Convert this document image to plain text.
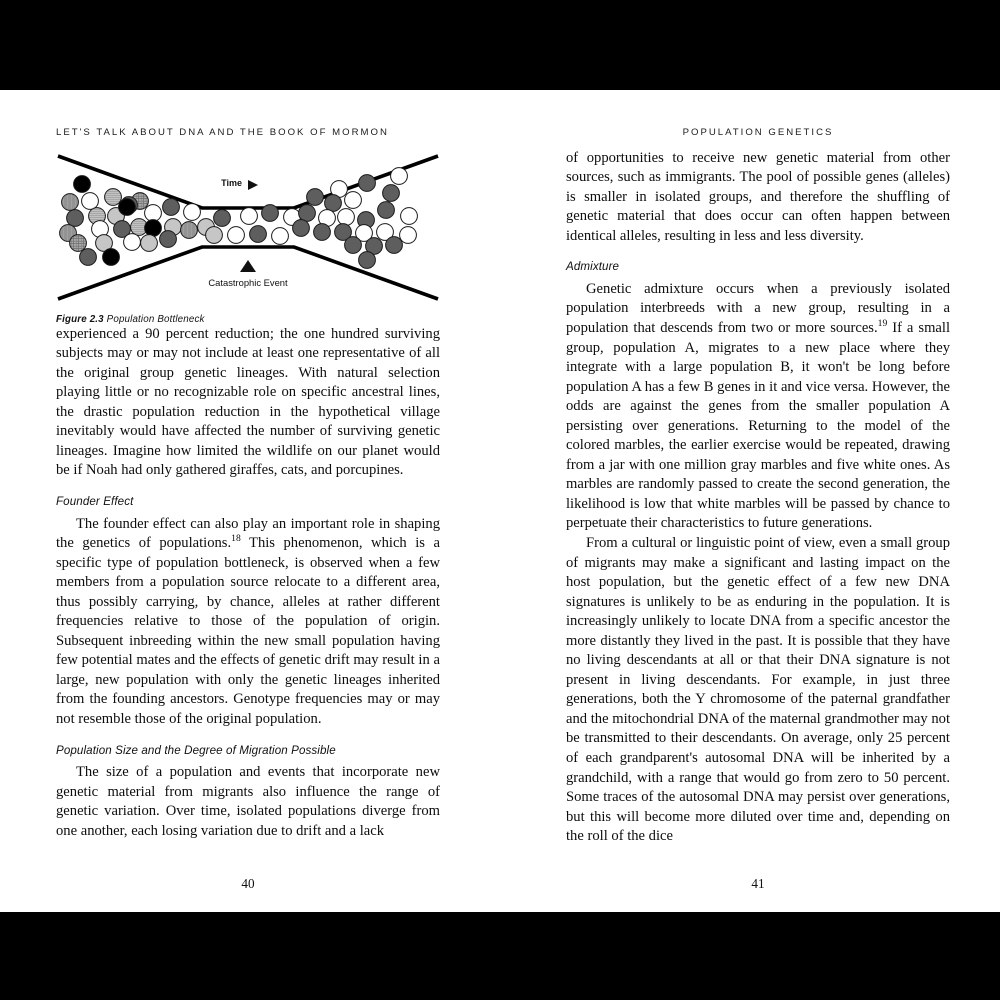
LET'S TALK ABOUT DNA AND THE BOOK OF MORMON
Time
Catastrophic Event
Figure 2.3 Population Bottleneck

experienced a 90 percent reduction; the one hundred surviving subjects may or may not include at least one representative of all the original group genetic lineages. With natural selection playing little or no recognizable role on specific ancestral lines, the drastic population reduction in the hypothetical village inevitably would have affected the number of surviving genetic lineages. Imagine how limited the wildlife on our planet would be if Noah had only gathered giraffes, cats, and porcupines.

Founder Effect

The founder effect can also play an important role in shaping the genetics of populations.$^{18}$ This phenomenon, which is a specific type of population bottleneck, is observed when a few members from a population source relocate to a different area, thus possibly carrying, by chance, alleles at rather different frequencies relative to those of the population of origin. Subsequent inbreeding within the new small population having few potential mates and the effects of genetic drift may result in a large, new population with only the genetic lineages inherited from the founding ancestors. Genotype frequencies may or may not resemble those of the original population.

Population Size and the Degree of Migration Possible

The size of a population and events that incorporate new genetic material from migrants also influence the range of genetic variation. Over time, isolated populations diverge from one another, each losing variation due to drift and a lack

POPULATION GENETICS

of opportunities to receive new genetic material from other sources, such as immigrants. The pool of possible genes (alleles) is smaller in isolated groups, and therefore the shuffling of genetic material that does occur can often happen between identical alleles, resulting in less and less diversity.

Admixture

Genetic admixture occurs when a previously isolated population interbreeds with a new group, resulting in a population that descends from two or more sources.$^{19}$ If a small group, population A, migrates to a new place where they integrate with a large population B, it won't be long before population A has a few B genes in it and vice versa. However, the odds are against the genes from the smaller population A persisting over generations. Returning to the model of the colored marbles, the earlier exercise would be repeated, drawing from a jar with one million gray marbles and five white ones. As marbles are randomly passed to create the second generation, the likelihood is low that white marbles will be passed by chance to perpetuate their characteristics to future generations.

From a cultural or linguistic point of view, even a small group of migrants may make a significant and lasting impact on the host population, but the genetic effect of a few new DNA signatures is unlikely to be as enduring in the population. It is increasingly unlikely to locate DNA from a specific ancestor the more distantly they lived in the past. It is possible that they have no living descendants at all or that their DNA signature is not present in living descendants. For example, in just three generations, both the Y chromosome of the paternal grandfather and the mitochondrial DNA of the maternal grandmother may not be transmitted to their descendants. On average, only 25 percent of each grandparent's autosomal DNA will be inherited by a grandchild, with a range that would go from zero to 50 percent. Some traces of the autosomal DNA may persist over generations, but this will become more diluted over time and, depending on the roll of the dice

40	41
